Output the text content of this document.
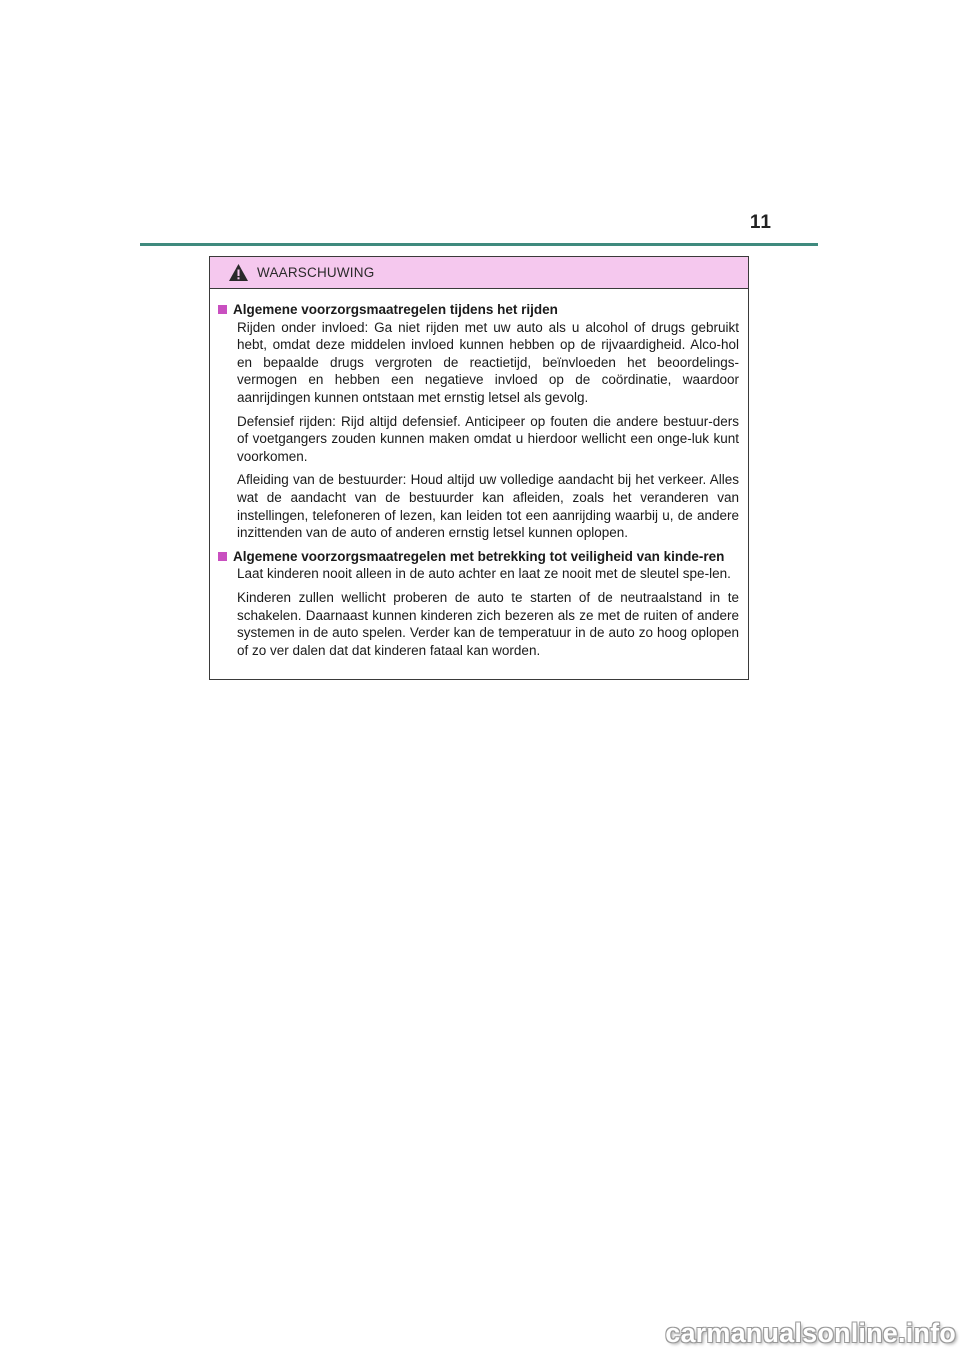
11
WAARSCHUWING
Algemene voorzorgsmaatregelen tijdens het rijden

Rijden onder invloed: Ga niet rijden met uw auto als u alcohol of drugs gebruikt hebt, omdat deze middelen invloed kunnen hebben op de rijvaardigheid. Alco-hol en bepaalde drugs vergroten de reactietijd, beïnvloeden het beoordelings-vermogen en hebben een negatieve invloed op de coördinatie, waardoor aanrijdingen kunnen ontstaan met ernstig letsel als gevolg.

Defensief rijden: Rijd altijd defensief. Anticipeer op fouten die andere bestuur-ders of voetgangers zouden kunnen maken omdat u hierdoor wellicht een onge-luk kunt voorkomen.

Afleiding van de bestuurder: Houd altijd uw volledige aandacht bij het verkeer. Alles wat de aandacht van de bestuurder kan afleiden, zoals het veranderen van instellingen, telefoneren of lezen, kan leiden tot een aanrijding waarbij u, de andere inzittenden van de auto of anderen ernstig letsel kunnen oplopen.

Algemene voorzorgsmaatregelen met betrekking tot veiligheid van kinde-ren

Laat kinderen nooit alleen in de auto achter en laat ze nooit met de sleutel spe-len.

Kinderen zullen wellicht proberen de auto te starten of de neutraalstand in te schakelen. Daarnaast kunnen kinderen zich bezeren als ze met de ruiten of andere systemen in de auto spelen. Verder kan de temperatuur in de auto zo hoog oplopen of zo ver dalen dat dat kinderen fataal kan worden.

carmanualsonline.info
